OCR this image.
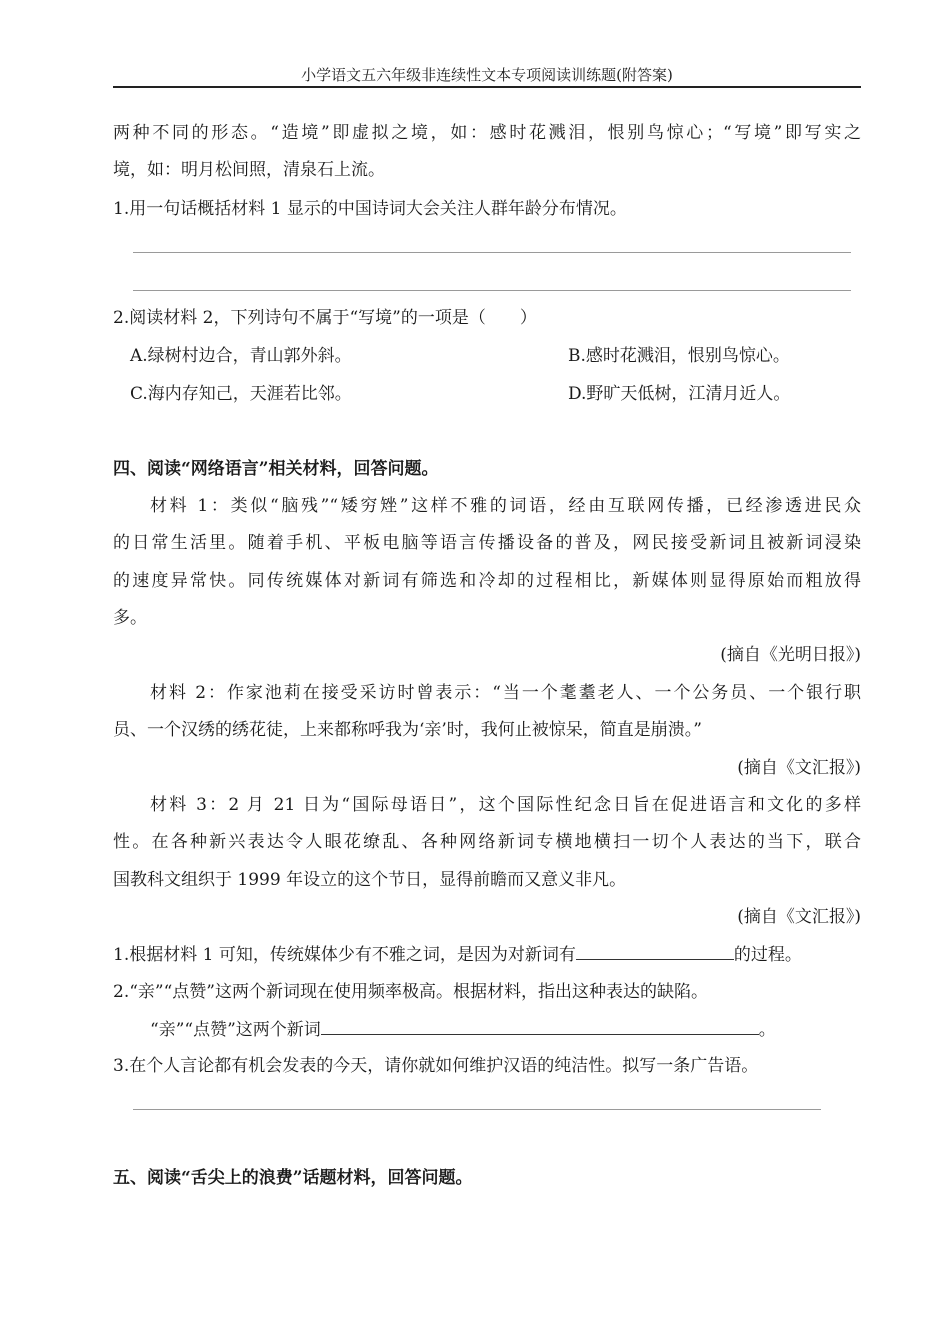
小学语文五六年级非连续性文本专项阅读训练题(附答案)
两种不同的形态。“造境”即虚拟之境，如：感时花溅泪，恨别鸟惊心；“写境”即写实之
境，如：明月松间照，清泉石上流。
1.用一句话概括材料 1 显示的中国诗词大会关注人群年龄分布情况。
2.阅读材料 2，下列诗句不属于“写境”的一项是（　　）
A.绿树村边合，青山郭外斜。	B.感时花溅泪，恨别鸟惊心。
C.海内存知己，天涯若比邻。	D.野旷天低树，江清月近人。
四、阅读“网络语言”相关材料，回答问题。
材料 1：类似“脑残”“矮穷矬”这样不雅的词语，经由互联网传播，已经渗透进民众
的日常生活里。随着手机、平板电脑等语言传播设备的普及，网民接受新词且被新词浸染
的速度异常快。同传统媒体对新词有筛选和冷却的过程相比，新媒体则显得原始而粗放得
多。
(摘自《光明日报》)
材料 2：作家池莉在接受采访时曾表示：“当一个耄耋老人、一个公务员、一个银行职
员、一个汉绣的绣花徒，上来都称呼我为‘亲’时，我何止被惊呆，简直是崩溃。”
(摘自《文汇报》)
材料 3：2 月 21 日为“国际母语日”，这个国际性纪念日旨在促进语言和文化的多样
性。在各种新兴表达令人眼花缭乱、各种网络新词专横地横扫一切个人表达的当下，联合
国教科文组织于 1999 年设立的这个节日，显得前瞻而又意义非凡。
(摘自《文汇报》)
1.根据材料 1 可知，传统媒体少有不雅之词，是因为对新词有	的过程。
2.“亲”“点赞”这两个新词现在使用频率极高。根据材料，指出这种表达的缺陷。
“亲”“点赞”这两个新词	。
3.在个人言论都有机会发表的今天，请你就如何维护汉语的纯洁性。拟写一条广告语。
五、阅读“舌尖上的浪费”话题材料，回答问题。
